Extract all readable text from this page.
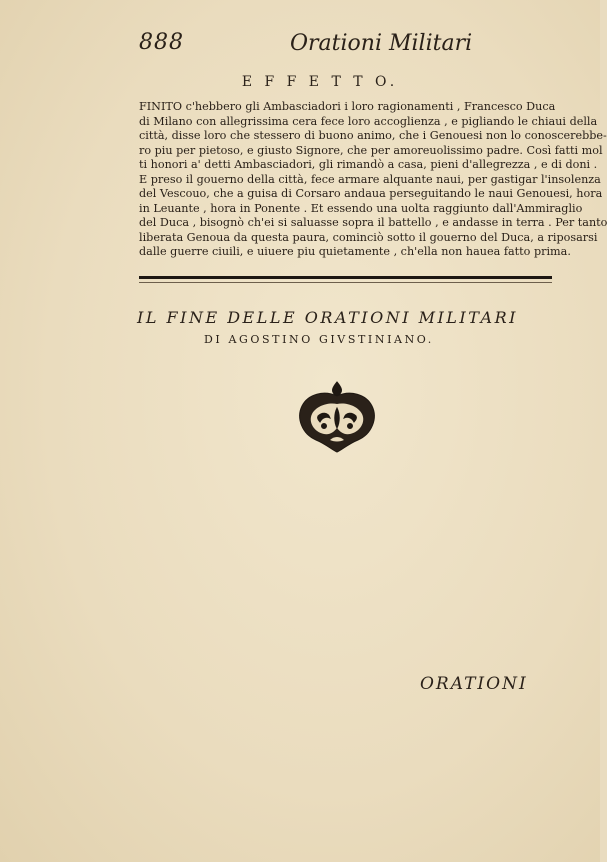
888	Orationi Militari
E F F E T T O.
FINITO c'hebbero gli Ambasciadori i loro ragionamenti , Francesco Duca
di Milano con allegrissima cera fece loro accoglienza , e pigliando le chiaui della
città, disse loro che stessero di buono animo, che i Genouesi non lo conoscerebbe-
ro piu per pietoso, e giusto Signore, che per amoreuolissimo padre. Così fatti mol
ti honori a' detti Ambasciadori, gli rimandò a casa, pieni d'allegrezza , e di doni .
E preso il gouerno della città, fece armare alquante naui, per gastigar l'insolenza
del Vescouo, che a guisa di Corsaro andaua perseguitando le naui Genouesi, hora
in Leuante , hora in Ponente . Et essendo una uolta raggiunto dall'Ammiraglio
del Duca , bisognò ch'ei si saluasse sopra il battello , e andasse in terra . Per tanto
liberata Genoua da questa paura, cominciò sotto il gouerno del Duca, a riposarsi
dalle guerre ciuili, e uiuere piu quietamente , ch'ella non hauea fatto prima.
IL FINE DELLE ORATIONI MILITARI
DI AGOSTINO GIVSTINIANO.
ORATIONI
